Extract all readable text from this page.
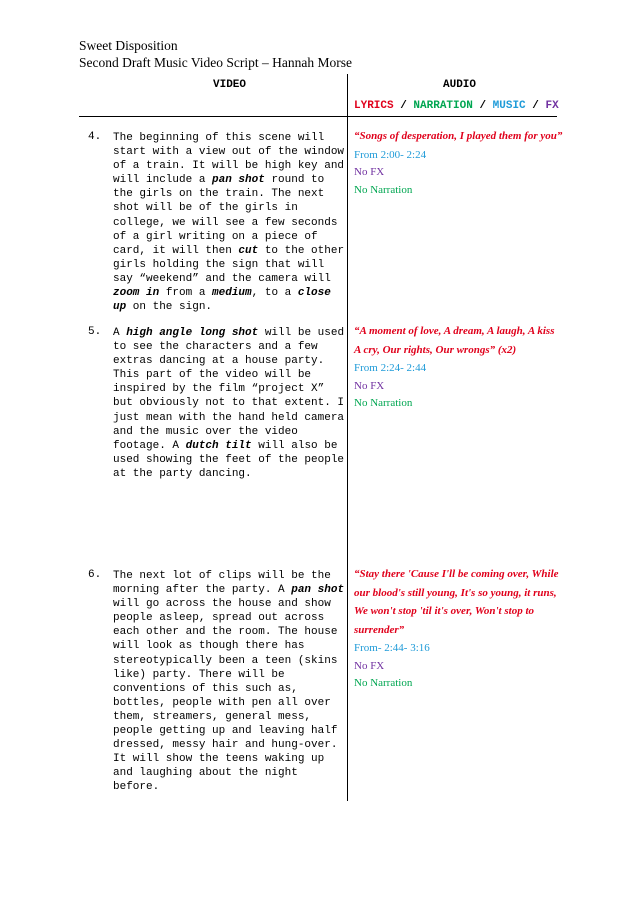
Sweet Disposition
Second Draft Music Video Script – Hannah Morse
VIDEO	AUDIO
LYRICS / NARRATION / MUSIC / FX
4. The beginning of this scene will
start with a view out of the window
of a train. It will be high key and
will include a pan shot round to
the girls on the train. The next
shot will be of the girls in
college, we will see a few seconds
of a girl writing on a piece of
card, it will then cut to the other
girls holding the sign that will
say “weekend” and the camera will
zoom in from a medium, to a close
up on the sign.
“Songs of desperation, I played them for you”
From 2:00- 2:24
No FX
No Narration
5. A high angle long shot will be used
to see the characters and a few
extras dancing at a house party.
This part of the video will be
inspired by the film “project X”
but obviously not to that extent. I
just mean with the hand held camera
and the music over the video
footage. A dutch tilt will also be
used showing the feet of the people
at the party dancing.
“A moment of love, A dream, A laugh, A kiss
A cry, Our rights, Our wrongs” (x2)
From 2:24- 2:44
No FX
No Narration
6. The next lot of clips will be the
morning after the party. A pan shot
will go across the house and show
people asleep, spread out across
each other and the room. The house
will look as though there has
stereotypically been a teen (skins
like) party. There will be
conventions of this such as,
bottles, people with pen all over
them, streamers, general mess,
people getting up and leaving half
dressed, messy hair and hung-over.
It will show the teens waking up
and laughing about the night
before.
“Stay there 'Cause I'll be coming over, While
our blood's still young, It's so young, it runs,
We won't stop 'til it's over, Won't stop to
surrender”
From- 2:44- 3:16
No FX
No Narration
